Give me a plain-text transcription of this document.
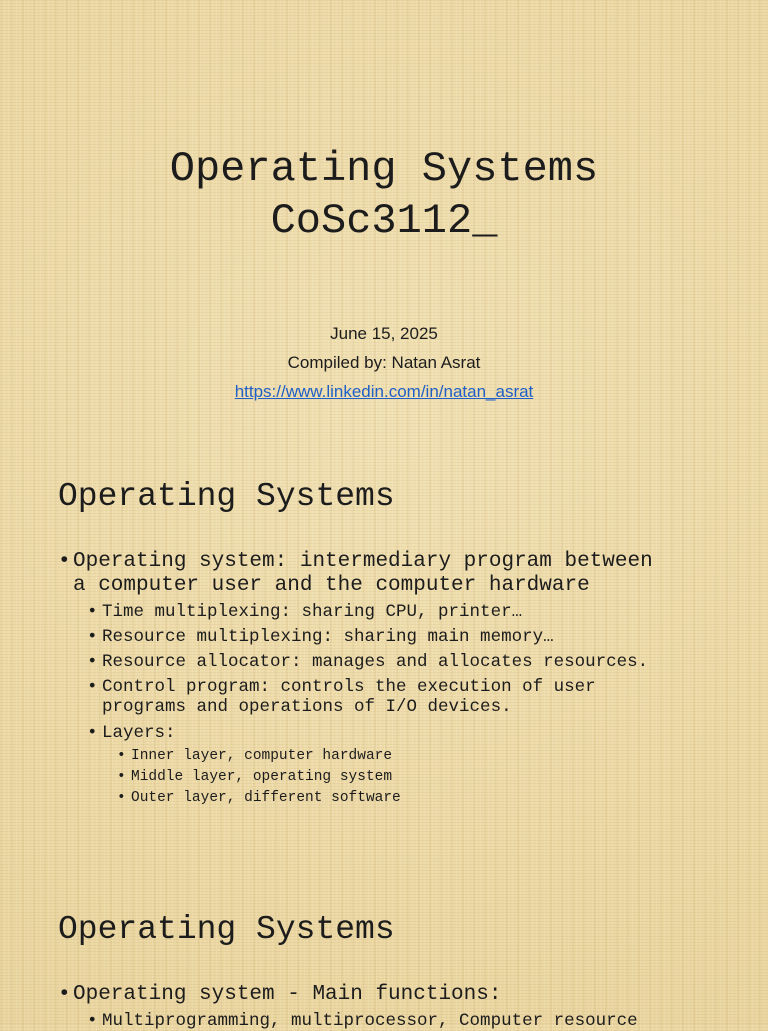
Operating Systems
CoSc3112_
June 15, 2025
Compiled by: Natan Asrat
https://www.linkedin.com/in/natan_asrat
Operating Systems
• Operating system: intermediary program between
a computer user and the computer hardware
• Time multiplexing: sharing CPU, printer…
• Resource multiplexing: sharing main memory…
• Resource allocator: manages and allocates resources.
• Control program: controls the execution of user
programs and operations of I/O devices.
• Layers:
• Inner layer, computer hardware
• Middle layer, operating system
• Outer layer, different software
Operating Systems
• Operating system - Main functions:
• Multiprogramming, multiprocessor, Computer resource
